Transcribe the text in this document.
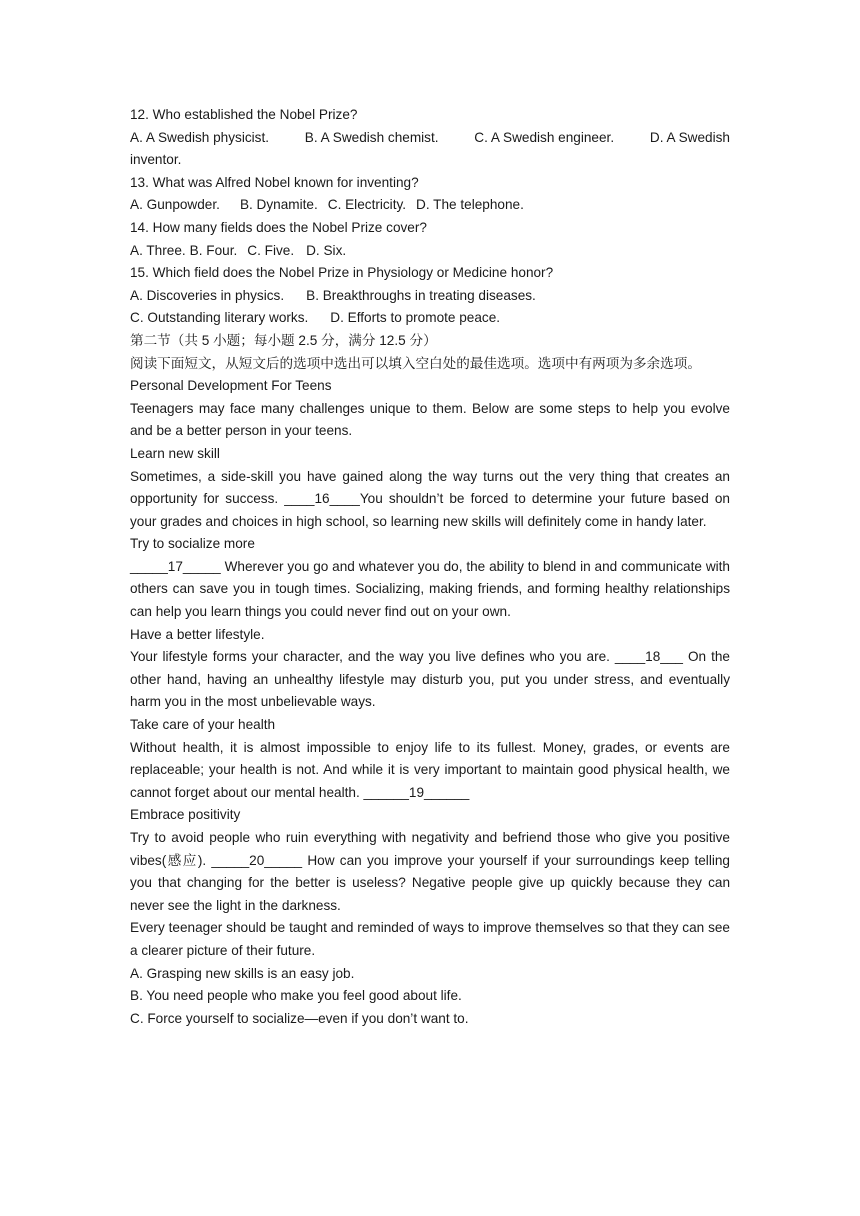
12. Who established the Nobel Prize?

A. A Swedish physicist.	B. A Swedish chemist.	C. A Swedish engineer.	D. A Swedish

inventor.

13. What was Alfred Nobel known for inventing?

A. Gunpowder. B. Dynamite. C. Electricity. D. The telephone.

14. How many fields does the Nobel Prize cover?

A. Three. B. Four. C. Five. D. Six.

15. Which field does the Nobel Prize in Physiology or Medicine honor?

A. Discoveries in physics. B. Breakthroughs in treating diseases.

C. Outstanding literary works. D. Efforts to promote peace.

第二节（共 5 小题；每小题 2.5 分，满分 12.5 分）

阅读下面短文，从短文后的选项中选出可以填入空白处的最佳选项。选项中有两项为多余选项。

Personal Development For Teens

Teenagers may face many challenges unique to them. Below are some steps to help you evolve and be a better person in your teens.

Learn new skill

Sometimes, a side-skill you have gained along the way turns out the very thing that creates an opportunity for success. ____16____You shouldn’t be forced to determine your future based on your grades and choices in high school, so learning new skills will definitely come in handy later.

Try to socialize more

_____17_____ Wherever you go and whatever you do, the ability to blend in and communicate with others can save you in tough times. Socializing, making friends, and forming healthy relationships can help you learn things you could never find out on your own.

Have a better lifestyle.

Your lifestyle forms your character, and the way you live defines who you are. ____18___ On the other hand, having an unhealthy lifestyle may disturb you, put you under stress, and eventually harm you in the most unbelievable ways.

Take care of your health

Without health, it is almost impossible to enjoy life to its fullest. Money, grades, or events are replaceable; your health is not. And while it is very important to maintain good physical health, we cannot forget about our mental health. ______19______

Embrace positivity

Try to avoid people who ruin everything with negativity and befriend those who give you positive vibes(感应). _____20_____ How can you improve your yourself if your surroundings keep telling you that changing for the better is useless? Negative people give up quickly because they can never see the light in the darkness.

Every teenager should be taught and reminded of ways to improve themselves so that they can see a clearer picture of their future.

A. Grasping new skills is an easy job.

B. You need people who make you feel good about life.

C. Force yourself to socialize—even if you don’t want to.
